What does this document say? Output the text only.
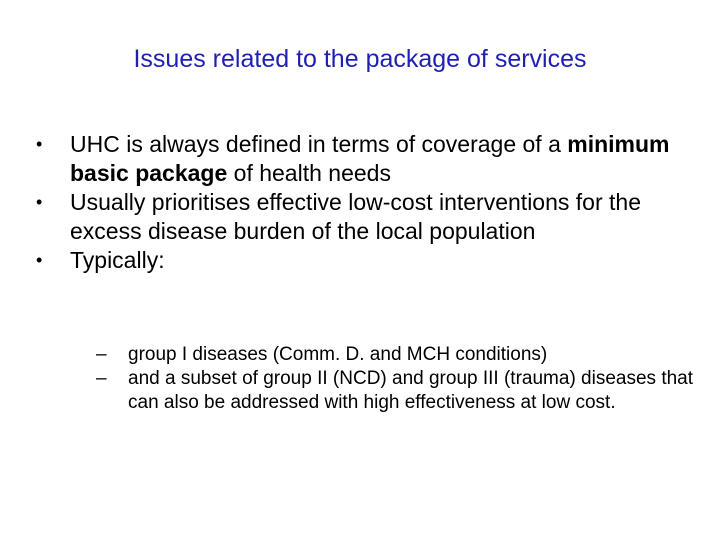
Issues related to the package of services
•	UHC is always defined in terms of coverage of a minimum basic package of health needs
•	Usually prioritises effective low-cost interventions for the excess disease burden of the local population
•	Typically:
–	group I diseases (Comm. D. and MCH conditions)
–	and a subset of group II (NCD) and group III (trauma) diseases that can also be addressed with high effectiveness at low cost.
